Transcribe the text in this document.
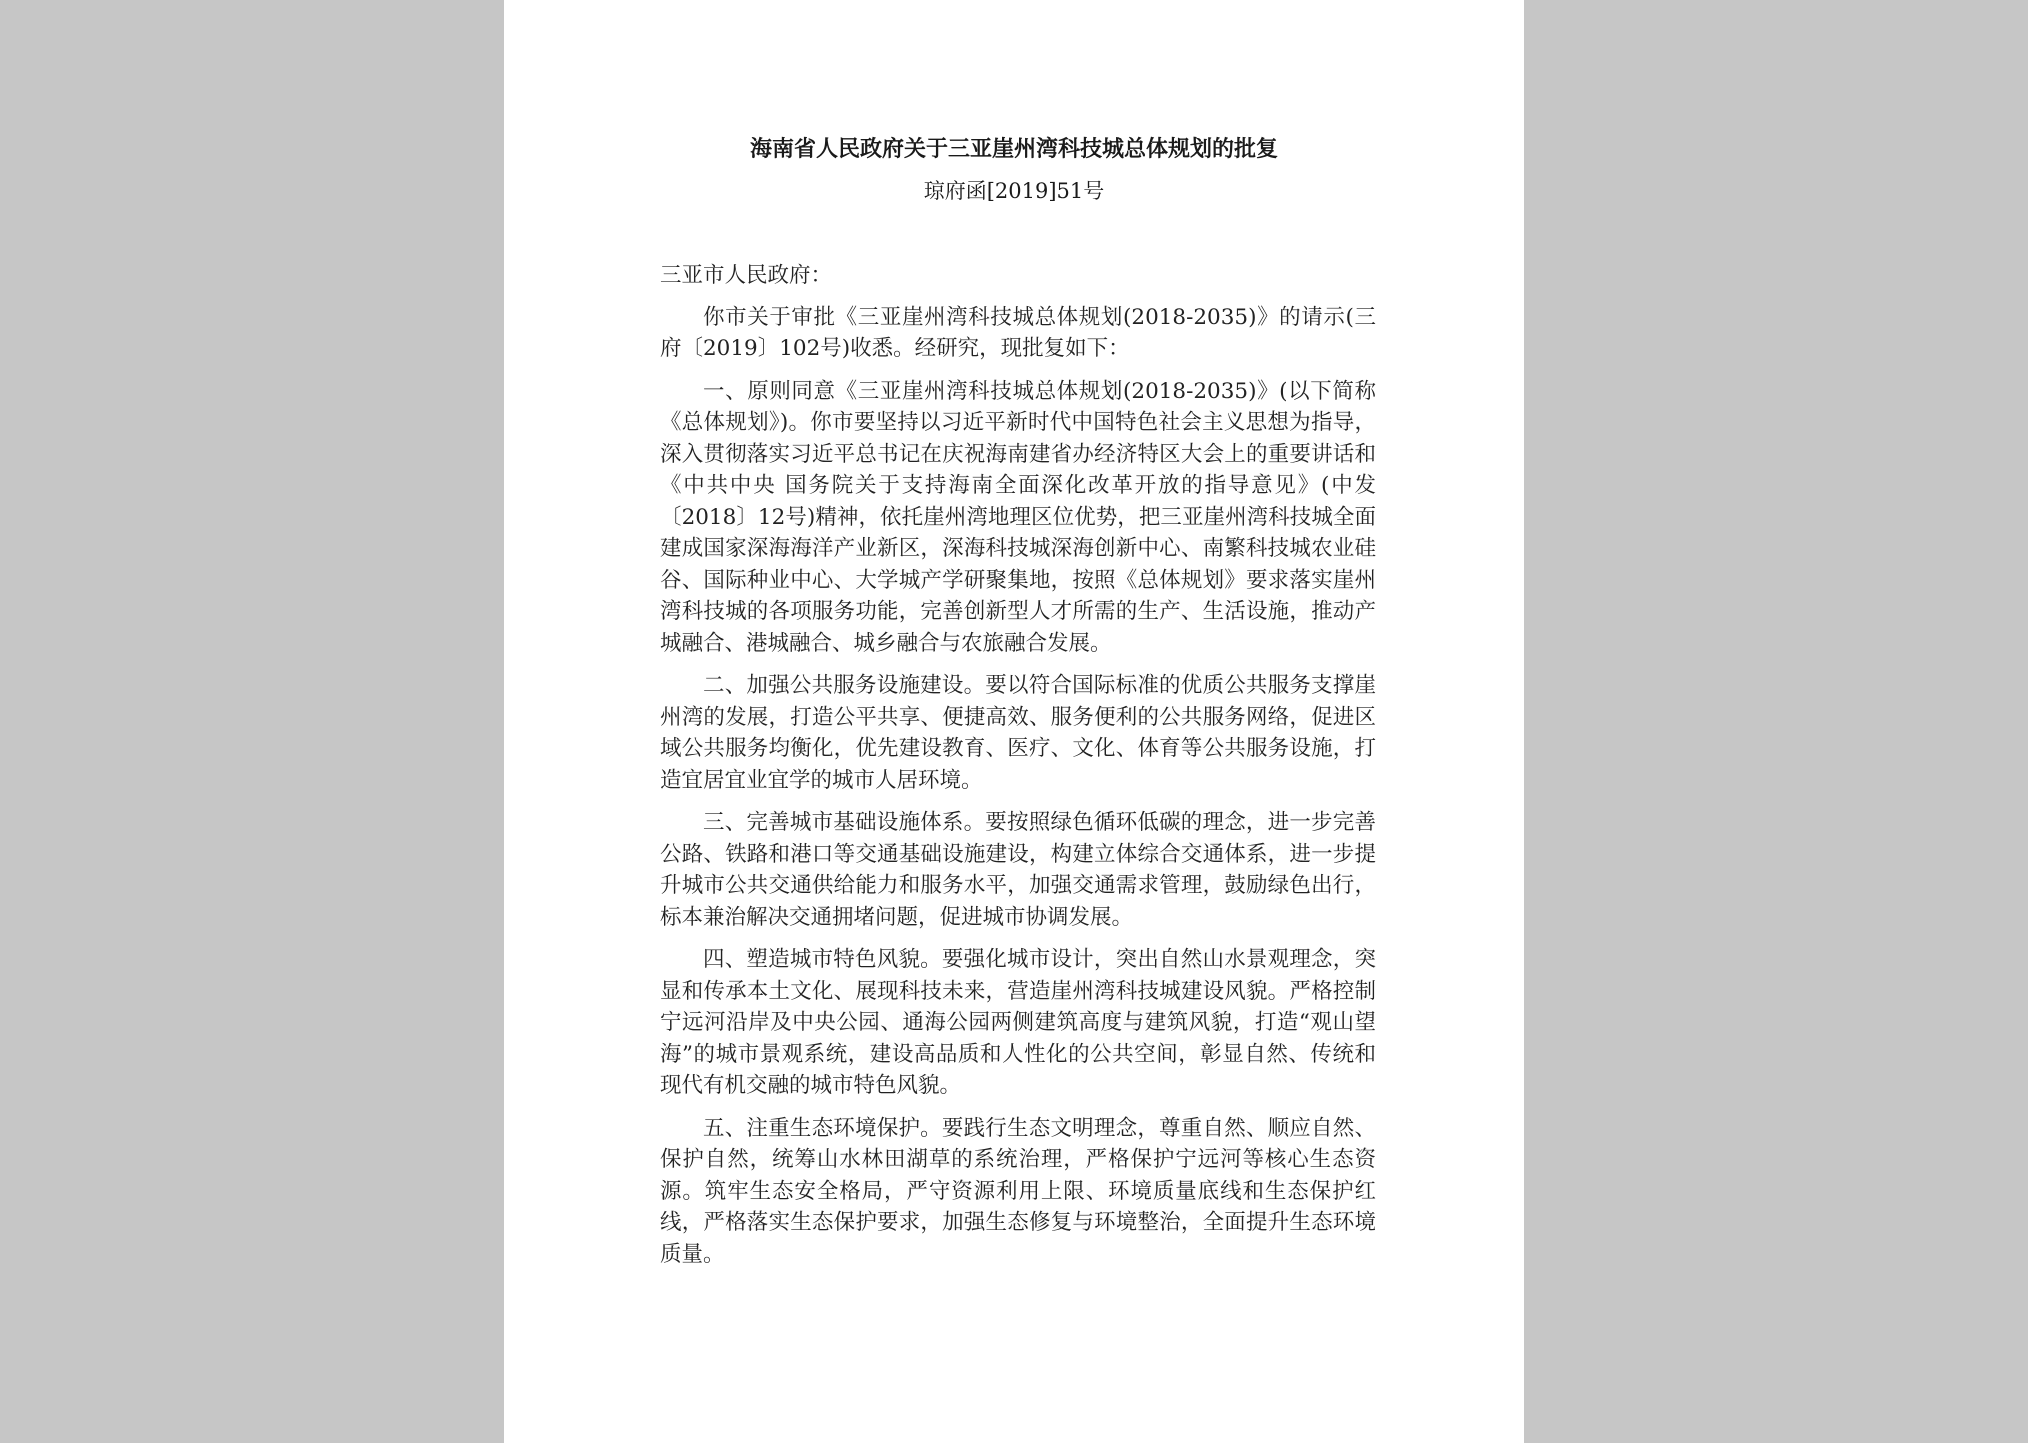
海南省人民政府关于三亚崖州湾科技城总体规划的批复
琼府函[2019]51号

三亚市人民政府：

你市关于审批《三亚崖州湾科技城总体规划(2018-2035)》的请示(三府〔2019〕102号)收悉。经研究，现批复如下：

一、原则同意《三亚崖州湾科技城总体规划(2018-2035)》(以下简称《总体规划》)。你市要坚持以习近平新时代中国特色社会主义思想为指导，深入贯彻落实习近平总书记在庆祝海南建省办经济特区大会上的重要讲话和《中共中央 国务院关于支持海南全面深化改革开放的指导意见》(中发〔2018〕12号)精神，依托崖州湾地理区位优势，把三亚崖州湾科技城全面建成国家深海海洋产业新区，深海科技城深海创新中心、南繁科技城农业硅谷、国际种业中心、大学城产学研聚集地，按照《总体规划》要求落实崖州湾科技城的各项服务功能，完善创新型人才所需的生产、生活设施，推动产城融合、港城融合、城乡融合与农旅融合发展。

二、加强公共服务设施建设。要以符合国际标准的优质公共服务支撑崖州湾的发展，打造公平共享、便捷高效、服务便利的公共服务网络，促进区域公共服务均衡化，优先建设教育、医疗、文化、体育等公共服务设施，打造宜居宜业宜学的城市人居环境。

三、完善城市基础设施体系。要按照绿色循环低碳的理念，进一步完善公路、铁路和港口等交通基础设施建设，构建立体综合交通体系，进一步提升城市公共交通供给能力和服务水平，加强交通需求管理，鼓励绿色出行，标本兼治解决交通拥堵问题，促进城市协调发展。

四、塑造城市特色风貌。要强化城市设计，突出自然山水景观理念，突显和传承本土文化、展现科技未来，营造崖州湾科技城建设风貌。严格控制宁远河沿岸及中央公园、通海公园两侧建筑高度与建筑风貌，打造“观山望海”的城市景观系统，建设高品质和人性化的公共空间，彰显自然、传统和现代有机交融的城市特色风貌。

五、注重生态环境保护。要践行生态文明理念，尊重自然、顺应自然、保护自然，统筹山水林田湖草的系统治理，严格保护宁远河等核心生态资源。筑牢生态安全格局，严守资源利用上限、环境质量底线和生态保护红线，严格落实生态保护要求，加强生态修复与环境整治，全面提升生态环境质量。
